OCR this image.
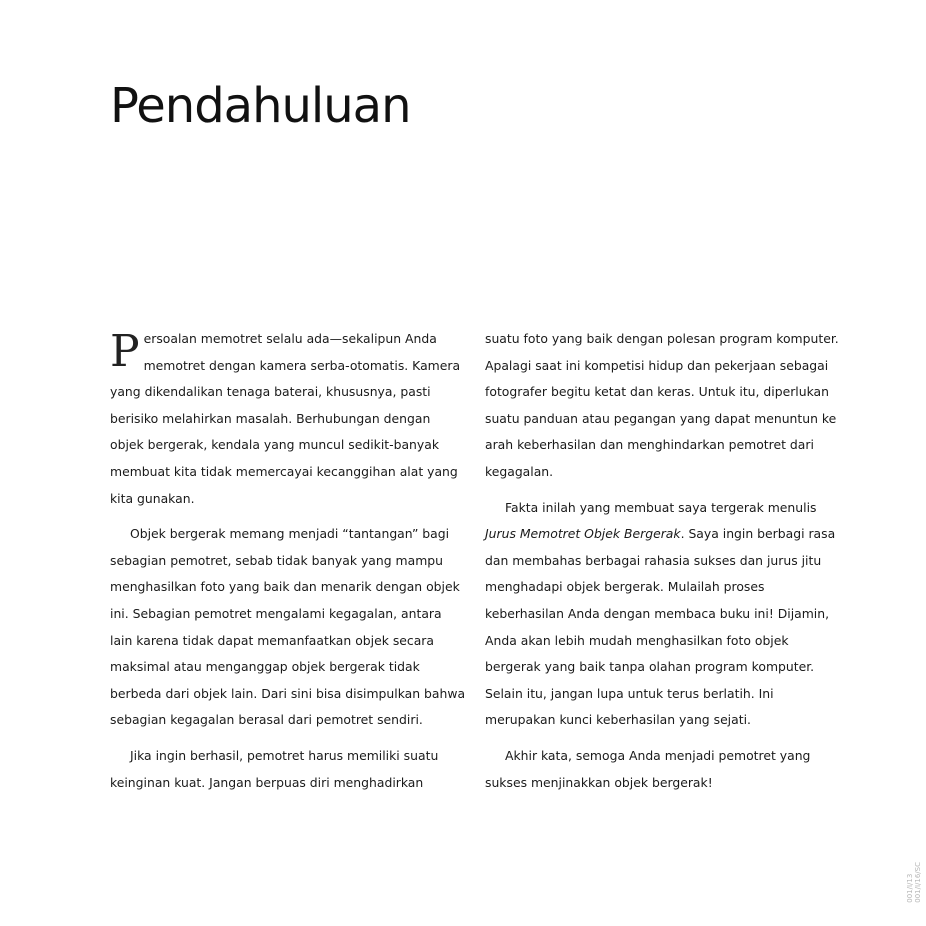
Pendahuluan

Persoalan memotret selalu ada—sekalipun Anda memotret dengan kamera serba-otomatis. Kamera yang dikendalikan tenaga baterai, khususnya, pasti berisiko melahirkan masalah. Berhubungan dengan objek bergerak, kendala yang muncul sedikit-banyak membuat kita tidak memercayai kecanggihan alat yang kita gunakan.

Objek bergerak memang menjadi “tantangan” bagi sebagian pemotret, sebab tidak banyak yang mampu menghasilkan foto yang baik dan menarik dengan objek ini. Sebagian pemotret mengalami kegagalan, antara lain karena tidak dapat memanfaatkan objek secara maksimal atau menganggap objek bergerak tidak berbeda dari objek lain. Dari sini bisa disimpulkan bahwa sebagian kegagalan berasal dari pemotret sendiri.

Jika ingin berhasil, pemotret harus memiliki suatu keinginan kuat. Jangan berpuas diri menghadirkan

suatu foto yang baik dengan polesan program komputer. Apalagi saat ini kompetisi hidup dan pekerjaan sebagai fotografer begitu ketat dan keras. Untuk itu, diperlukan suatu panduan atau pegangan yang dapat menuntun ke arah keberhasilan dan menghindarkan pemotret dari kegagalan.

Fakta inilah yang membuat saya tergerak menulis Jurus Memotret Objek Bergerak. Saya ingin berbagi rasa dan membahas berbagai rahasia sukses dan jurus jitu menghadapi objek bergerak. Mulailah proses keberhasilan Anda dengan membaca buku ini! Dijamin, Anda akan lebih mudah menghasilkan foto objek bergerak yang baik tanpa olahan program komputer. Selain itu, jangan lupa untuk terus berlatih. Ini merupakan kunci keberhasilan yang sejati.

Akhir kata, semoga Anda menjadi pemotret yang sukses menjinakkan objek bergerak!

001/I/13 001/I/16/SC
